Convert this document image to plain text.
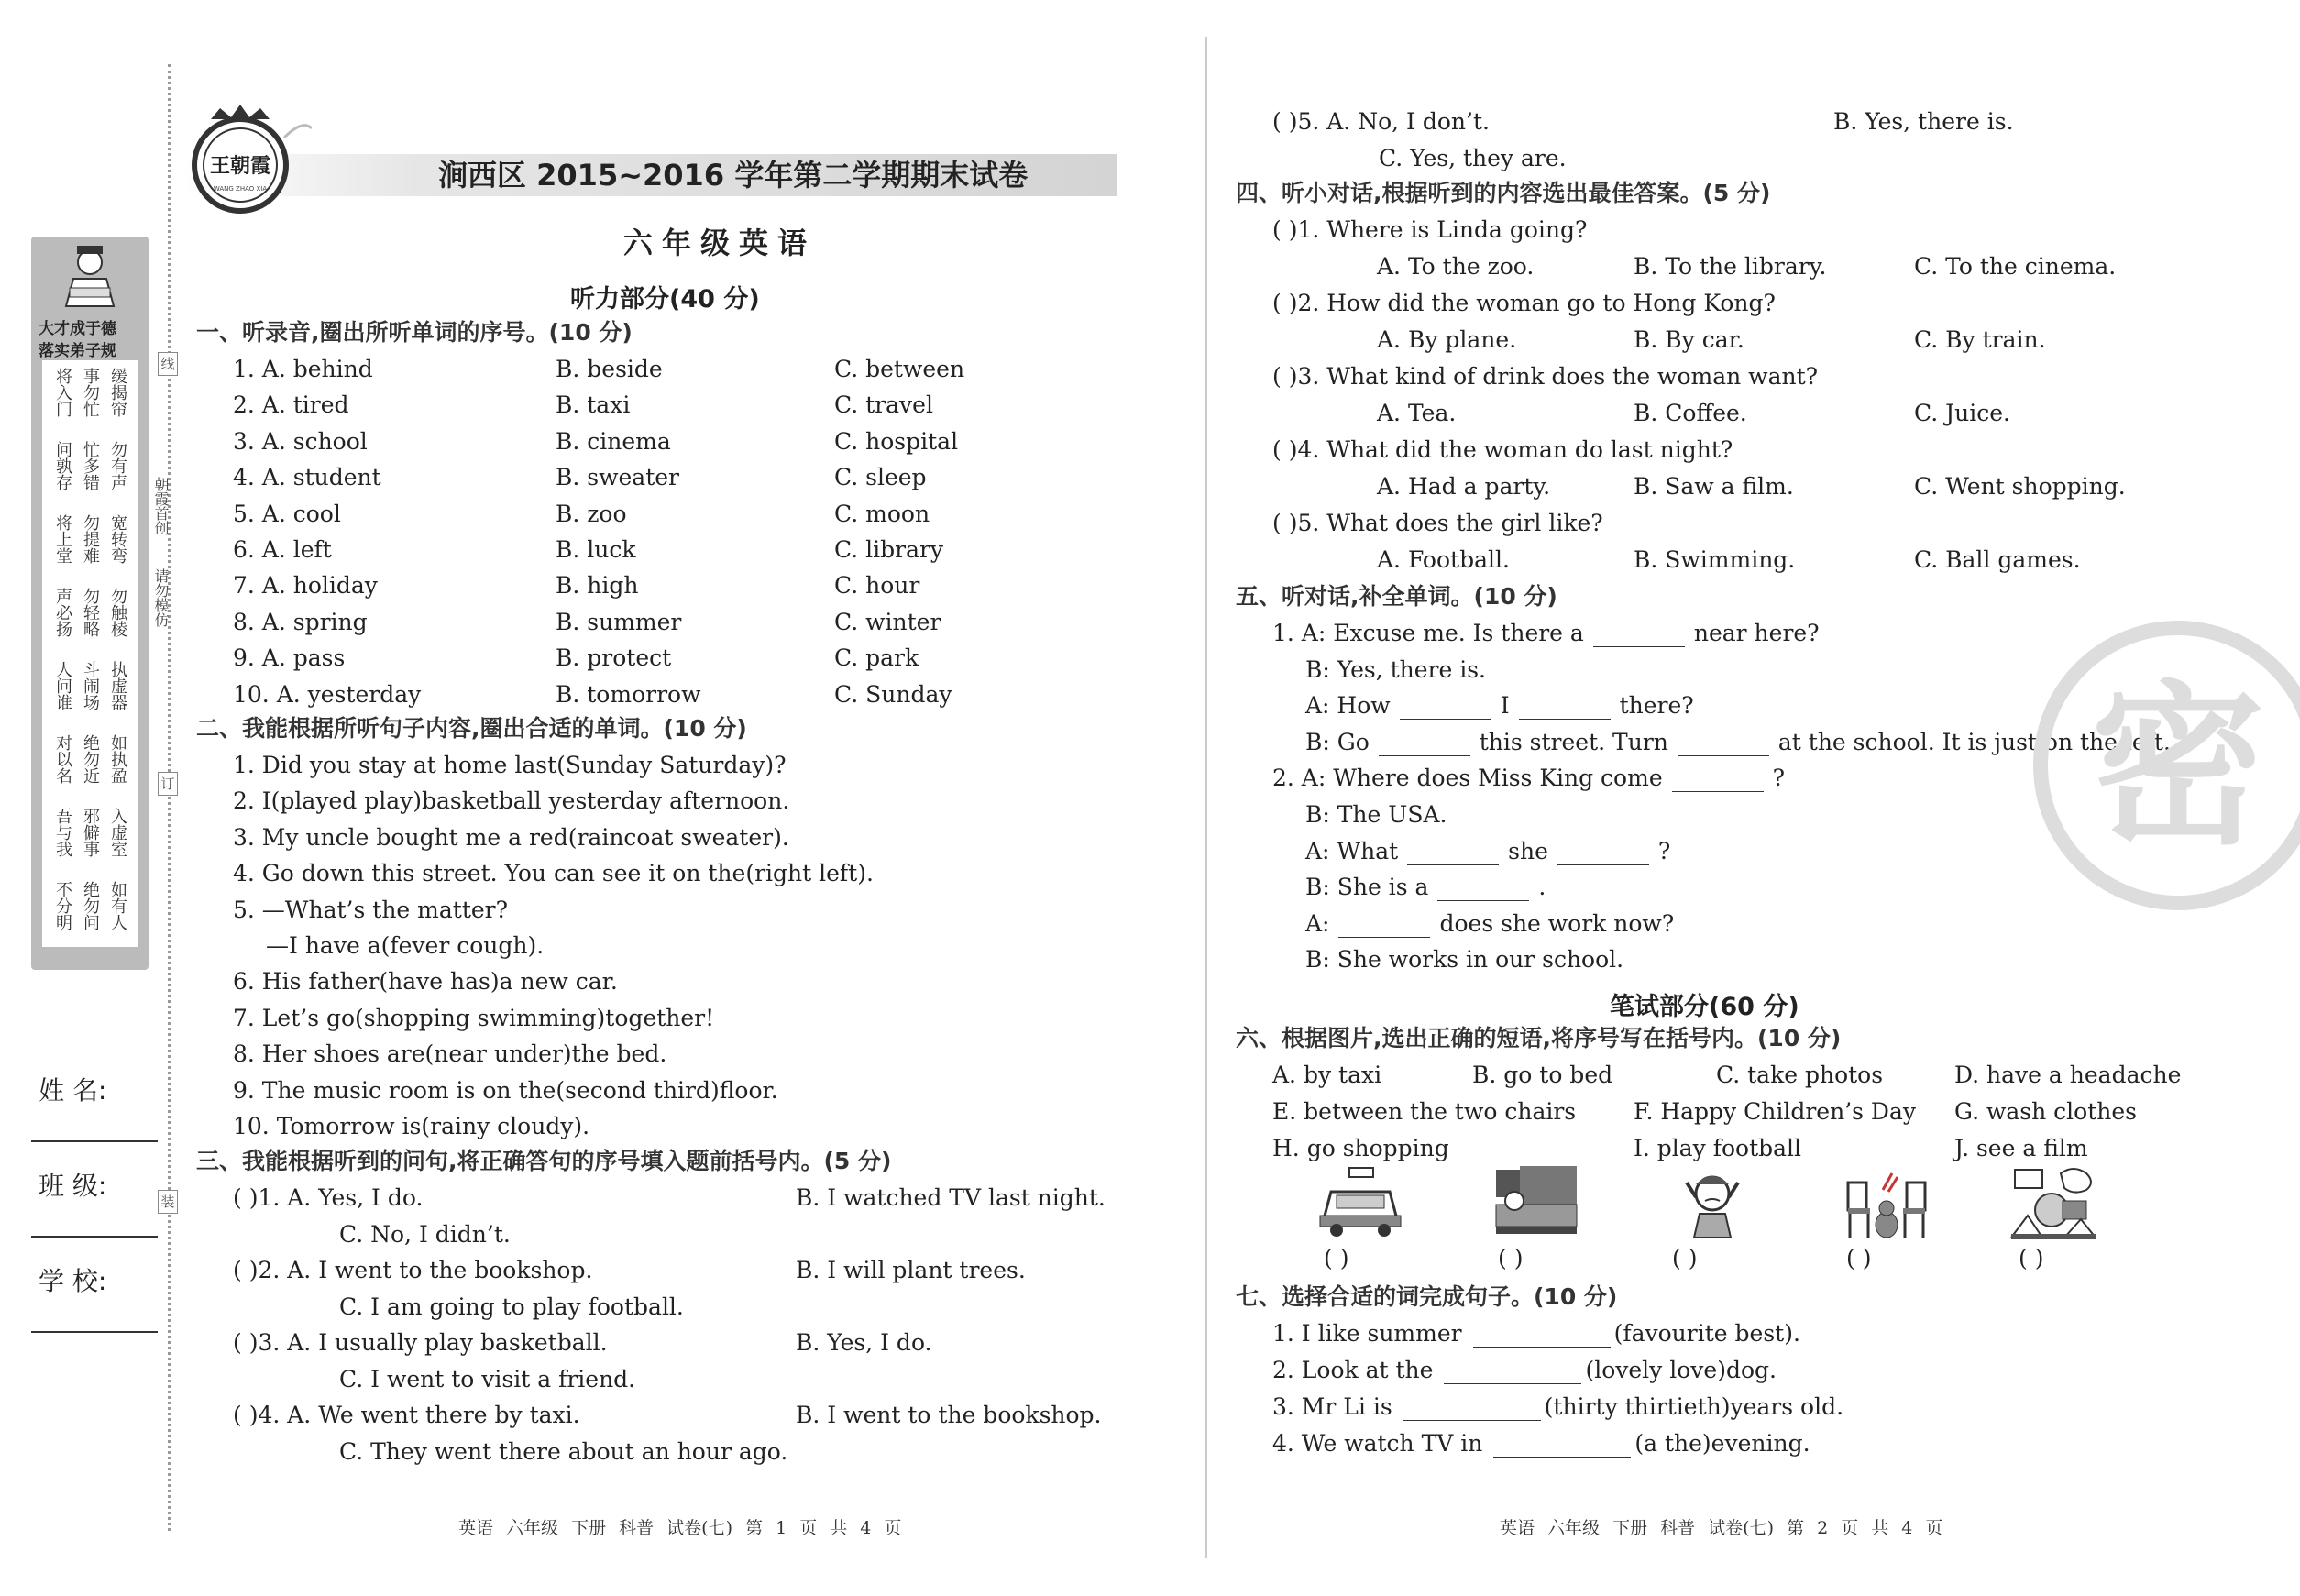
线
订
装
朝霞首创
请勿模仿
大才成于德
落实弟子规
将入门 事勿忙 缓揭帘
问孰存 忙多错 勿有声
将上堂 勿提难 宽转弯
声必扬 勿轻略 勿触棱
人问谁 斗闹场 执虚器
对以名 绝勿近 如执盈
吾与我 邪僻事 入虚室
不分明 绝勿问 如有人
姓 名:
班 级:
学 校:
王朝霞
WANG ZHAO XIA	涧西区 2015~2016 学年第二学期期末试卷
六年级英语
听力部分(40 分)
一、听录音,圈出所听单词的序号。(10 分)
1. A. behind	B. beside	C. between
2. A. tired	B. taxi	C. travel
3. A. school	B. cinema	C. hospital
4. A. student	B. sweater	C. sleep
5. A. cool	B. zoo	C. moon
6. A. left	B. luck	C. library
7. A. holiday	B. high	C. hour
8. A. spring	B. summer	C. winter
9. A. pass	B. protect	C. park
10. A. yesterday	B. tomorrow	C. Sunday
二、我能根据所听句子内容,圈出合适的单词。(10 分)
1. Did you stay at home last(Sunday Saturday)?
2. I(played play)basketball yesterday afternoon.
3. My uncle bought me a red(raincoat sweater).
4. Go down this street. You can see it on the(right left).
5. —What’s the matter?
—I have a(fever cough).
6. His father(have has)a new car.
7. Let’s go(shopping swimming)together!
8. Her shoes are(near under)the bed.
9. The music room is on the(second third)floor.
10. Tomorrow is(rainy cloudy).
三、我能根据听到的问句,将正确答句的序号填入题前括号内。(5 分)
( )1. A. Yes, I do.	B. I watched TV last night.
C. No, I didn’t.
( )2. A. I went to the bookshop.	B. I will plant trees.
C. I am going to play football.
( )3. A. I usually play basketball.	B. Yes, I do.
C. I went to visit a friend.
( )4. A. We went there by taxi.	B. I went to the bookshop.
C. They went there about an hour ago.
( )5. A. No, I don’t.	B. Yes, there is.
C. Yes, they are.
四、听小对话,根据听到的内容选出最佳答案。(5 分)
( )1. Where is Linda going?
A. To the zoo.	B. To the library.	C. To the cinema.
( )2. How did the woman go to Hong Kong?
A. By plane.	B. By car.	C. By train.
( )3. What kind of drink does the woman want?
A. Tea.	B. Coffee.	C. Juice.
( )4. What did the woman do last night?
A. Had a party.	B. Saw a film.	C. Went shopping.
( )5. What does the girl like?
A. Football.	B. Swimming.	C. Ball games.
五、听对话,补全单词。(10 分)
1. A: Excuse me. Is there a	near here?
B: Yes, there is.
A: How	I	there?
B: Go	this street. Turn	at the school. It is just on the left.
2. A: Where does Miss King come	?
B: The USA.
A: What	she	?
B: She is a	.
A:	does she work now?
B: She works in our school.
笔试部分(60 分)
六、根据图片,选出正确的短语,将序号写在括号内。(10 分)
A. by taxi	B. go to bed	C. take photos	D. have a headache
E. between the two chairs	F. Happy Children’s Day G. wash clothes
H. go shopping	I. play football	J. see a film
( )	( )	( )	( )	( )
七、选择合适的词完成句子。(10 分)
1. I like summer	(favourite best).
2. Look at the	(lovely love)dog.
3. Mr Li is	(thirty thirtieth)years old.
4. We watch TV in	(a the)evening.
密
英语 六年级 下册 科普 试卷(七) 第 1 页 共 4 页	英语 六年级 下册 科普 试卷(七) 第 2 页 共 4 页
